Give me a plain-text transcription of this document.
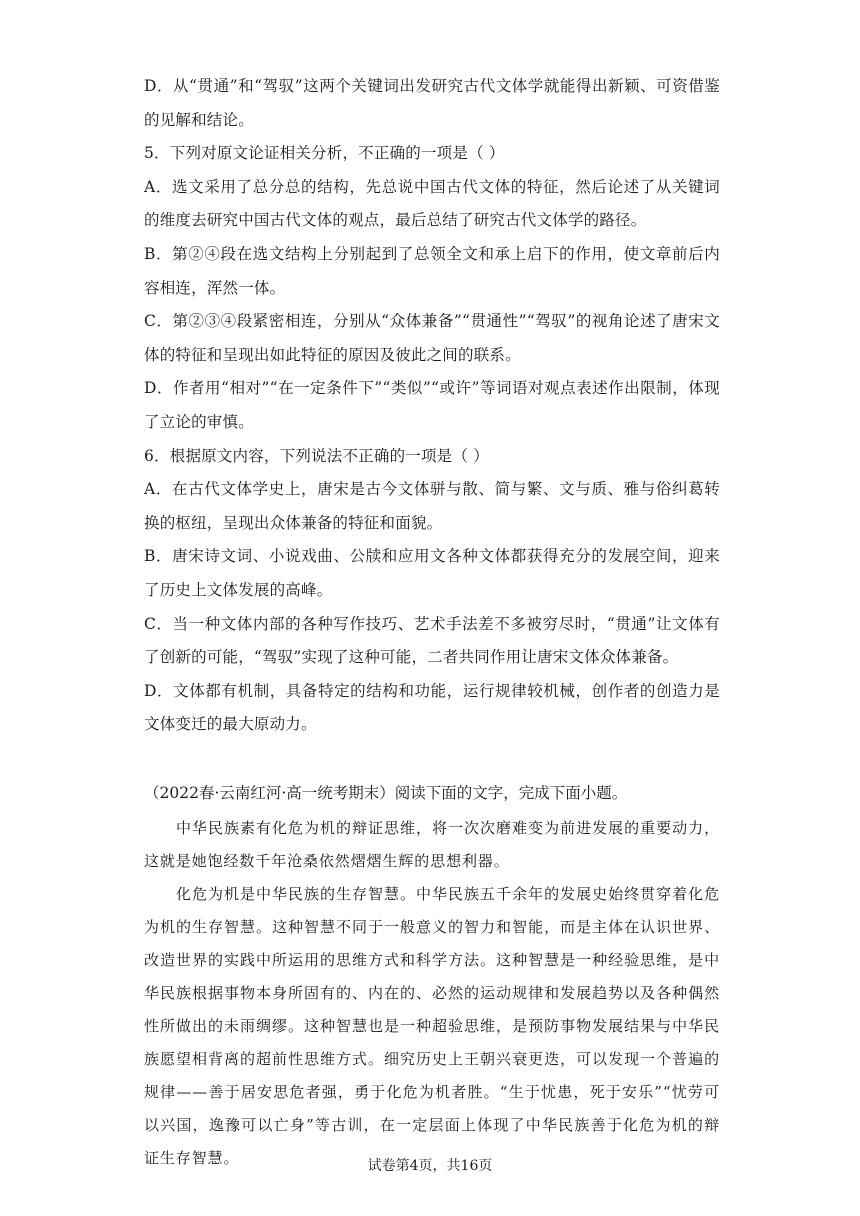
D．从“贯通”和“驾驭”这两个关键词出发研究古代文体学就能得出新颖、可资借鉴的见解和结论。

5．下列对原文论证相关分析，不正确的一项是（ ）

A．选文采用了总分总的结构，先总说中国古代文体的特征，然后论述了从关键词的维度去研究中国古代文体的观点，最后总结了研究古代文体学的路径。

B．第②④段在选文结构上分别起到了总领全文和承上启下的作用，使文章前后内容相连，浑然一体。

C．第②③④段紧密相连，分别从“众体兼备”“贯通性”“驾驭”的视角论述了唐宋文体的特征和呈现出如此特征的原因及彼此之间的联系。

D．作者用“相对”“在一定条件下”“类似”“或许”等词语对观点表述作出限制，体现了立论的审慎。

6．根据原文内容，下列说法不正确的一项是（ ）

A．在古代文体学史上，唐宋是古今文体骈与散、简与繁、文与质、雅与俗纠葛转换的枢纽，呈现出众体兼备的特征和面貌。

B．唐宋诗文词、小说戏曲、公牍和应用文各种文体都获得充分的发展空间，迎来了历史上文体发展的高峰。

C．当一种文体内部的各种写作技巧、艺术手法差不多被穷尽时，“贯通”让文体有了创新的可能，“驾驭”实现了这种可能，二者共同作用让唐宋文体众体兼备。

D．文体都有机制，具备特定的结构和功能，运行规律较机械，创作者的创造力是文体变迁的最大原动力。

（2022春·云南红河·高一统考期末）阅读下面的文字，完成下面小题。

中华民族素有化危为机的辩证思维，将一次次磨难变为前进发展的重要动力，这就是她饱经数千年沧桑依然熠熠生辉的思想利器。

化危为机是中华民族的生存智慧。中华民族五千余年的发展史始终贯穿着化危为机的生存智慧。这种智慧不同于一般意义的智力和智能，而是主体在认识世界、改造世界的实践中所运用的思维方式和科学方法。这种智慧是一种经验思维，是中华民族根据事物本身所固有的、内在的、必然的运动规律和发展趋势以及各种偶然性所做出的未雨绸缪。这种智慧也是一种超验思维，是预防事物发展结果与中华民族愿望相背离的超前性思维方式。细究历史上王朝兴衰更迭，可以发现一个普遍的规律——善于居安思危者强，勇于化危为机者胜。“生于忧患，死于安乐”“忧劳可以兴国，逸豫可以亡身”等古训，在一定层面上体现了中华民族善于化危为机的辩证生存智慧。	试卷第4页，共16页
